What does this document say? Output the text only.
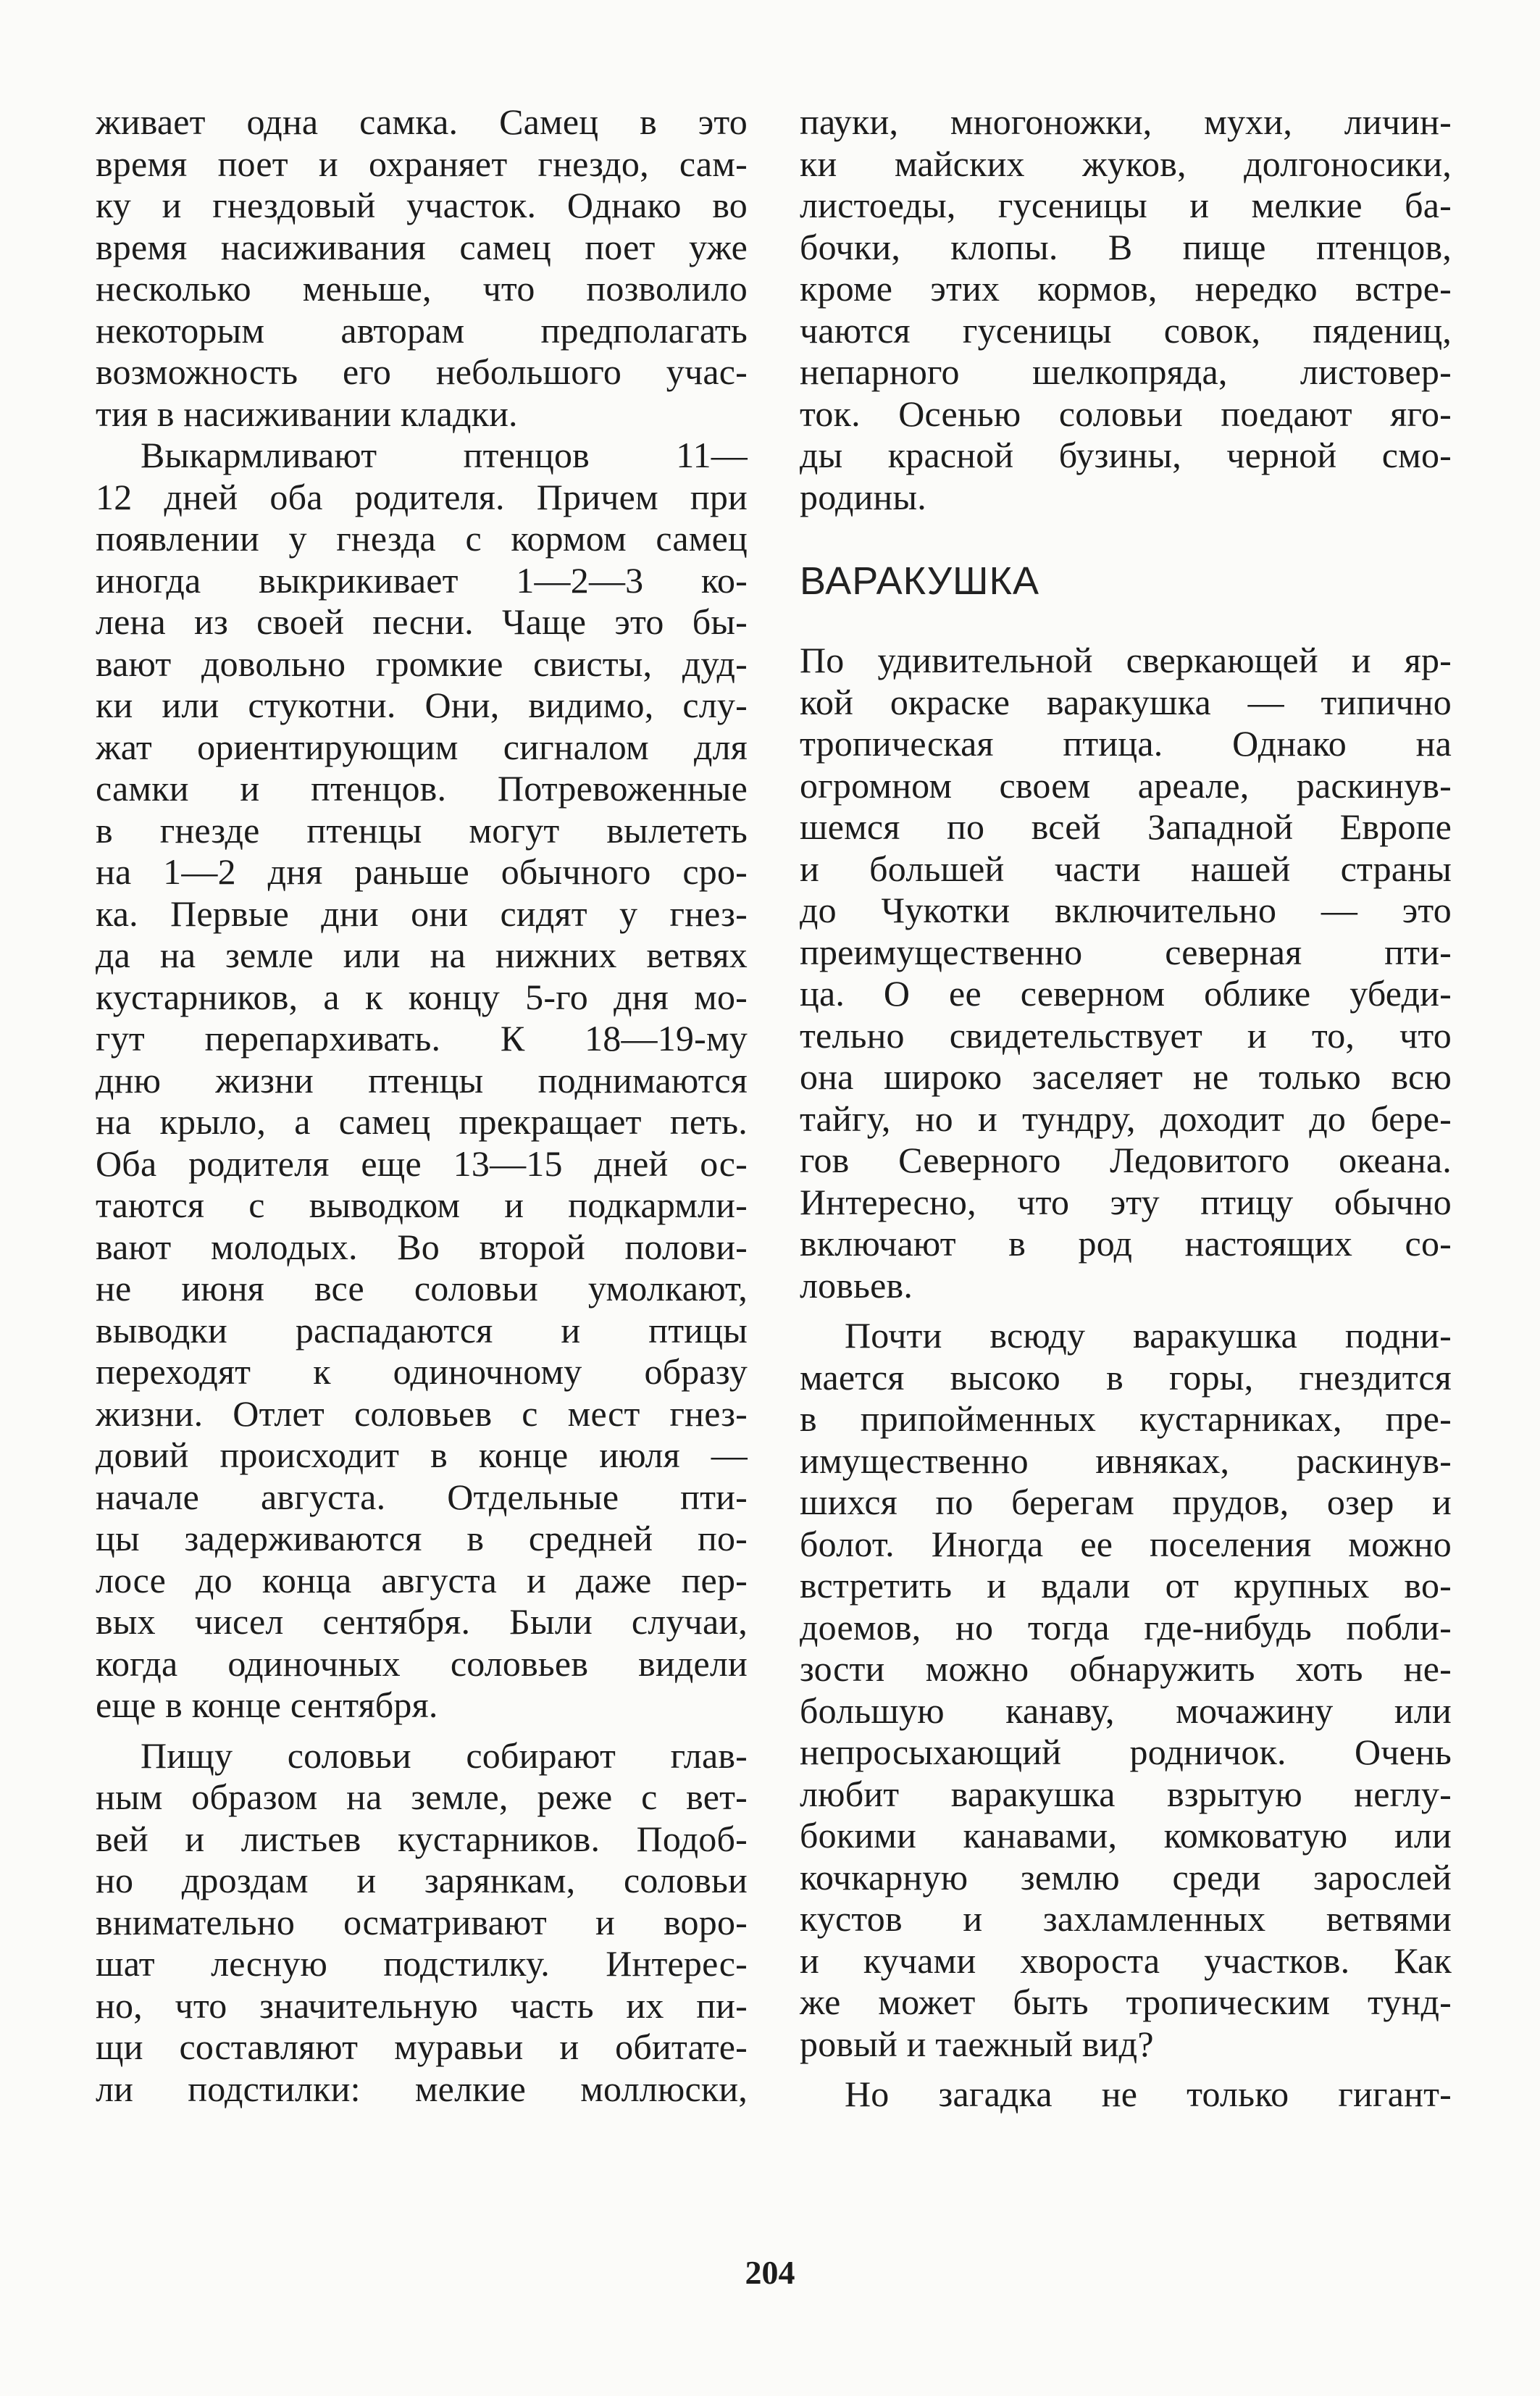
живает одна самка. Самец в это
время поет и охраняет гнездо, сам-
ку и гнездовый участок. Однако во
время насиживания самец поет уже
несколько меньше, что позволило
некоторым авторам предполагать
возможность его небольшого учас-
тия в насиживании кладки.
Выкармливают птенцов 11—
12 дней оба родителя. Причем при
появлении у гнезда с кормом самец
иногда выкрикивает 1—2—3 ко-
лена из своей песни. Чаще это бы-
вают довольно громкие свисты, дуд-
ки или стукотни. Они, видимо, слу-
жат ориентирующим сигналом для
самки и птенцов. Потревоженные
в гнезде птенцы могут вылететь
на 1—2 дня раньше обычного сро-
ка. Первые дни они сидят у гнез-
да на земле или на нижних ветвях
кустарников, а к концу 5-го дня мо-
гут перепархивать. К 18—19-му
дню жизни птенцы поднимаются
на крыло, а самец прекращает петь.
Оба родителя еще 13—15 дней ос-
таются с выводком и подкармли-
вают молодых. Во второй полови-
не июня все соловьи умолкают,
выводки распадаются и птицы
переходят к одиночному образу
жизни. Отлет соловьев с мест гнез-
довий происходит в конце июля —
начале августа. Отдельные пти-
цы задерживаются в средней по-
лосе до конца августа и даже пер-
вых чисел сентября. Были случаи,
когда одиночных соловьев видели
еще в конце сентября.
Пищу соловьи собирают глав-
ным образом на земле, реже с вет-
вей и листьев кустарников. Подоб-
но дроздам и зарянкам, соловьи
внимательно осматривают и воро-
шат лесную подстилку. Интерес-
но, что значительную часть их пи-
щи составляют муравьи и обитате-
ли подстилки: мелкие моллюски,
пауки, многоножки, мухи, личин-
ки майских жуков, долгоносики,
листоеды, гусеницы и мелкие ба-
бочки, клопы. В пище птенцов,
кроме этих кормов, нередко встре-
чаются гусеницы совок, пядениц,
непарного шелкопряда, листовер-
ток. Осенью соловьи поедают яго-
ды красной бузины, черной смо-
родины.
ВАРАКУШКА
По удивительной сверкающей и яр-
кой окраске варакушка — типично
тропическая птица. Однако на
огромном своем ареале, раскинув-
шемся по всей Западной Европе
и большей части нашей страны
до Чукотки включительно — это
преимущественно северная пти-
ца. О ее северном облике убеди-
тельно свидетельствует и то, что
она широко заселяет не только всю
тайгу, но и тундру, доходит до бере-
гов Северного Ледовитого океана.
Интересно, что эту птицу обычно
включают в род настоящих со-
ловьев.
Почти всюду варакушка подни-
мается высоко в горы, гнездится
в припойменных кустарниках, пре-
имущественно ивняках, раскинув-
шихся по берегам прудов, озер и
болот. Иногда ее поселения можно
встретить и вдали от крупных во-
доемов, но тогда где-нибудь побли-
зости можно обнаружить хоть не-
большую канаву, мочажину или
непросыхающий родничок. Очень
любит варакушка взрытую неглу-
бокими канавами, комковатую или
кочкарную землю среди зарослей
кустов и захламленных ветвями
и кучами хвороста участков. Как
же может быть тропическим тунд-
ровый и таежный вид?
Но загадка не только гигант-
204
